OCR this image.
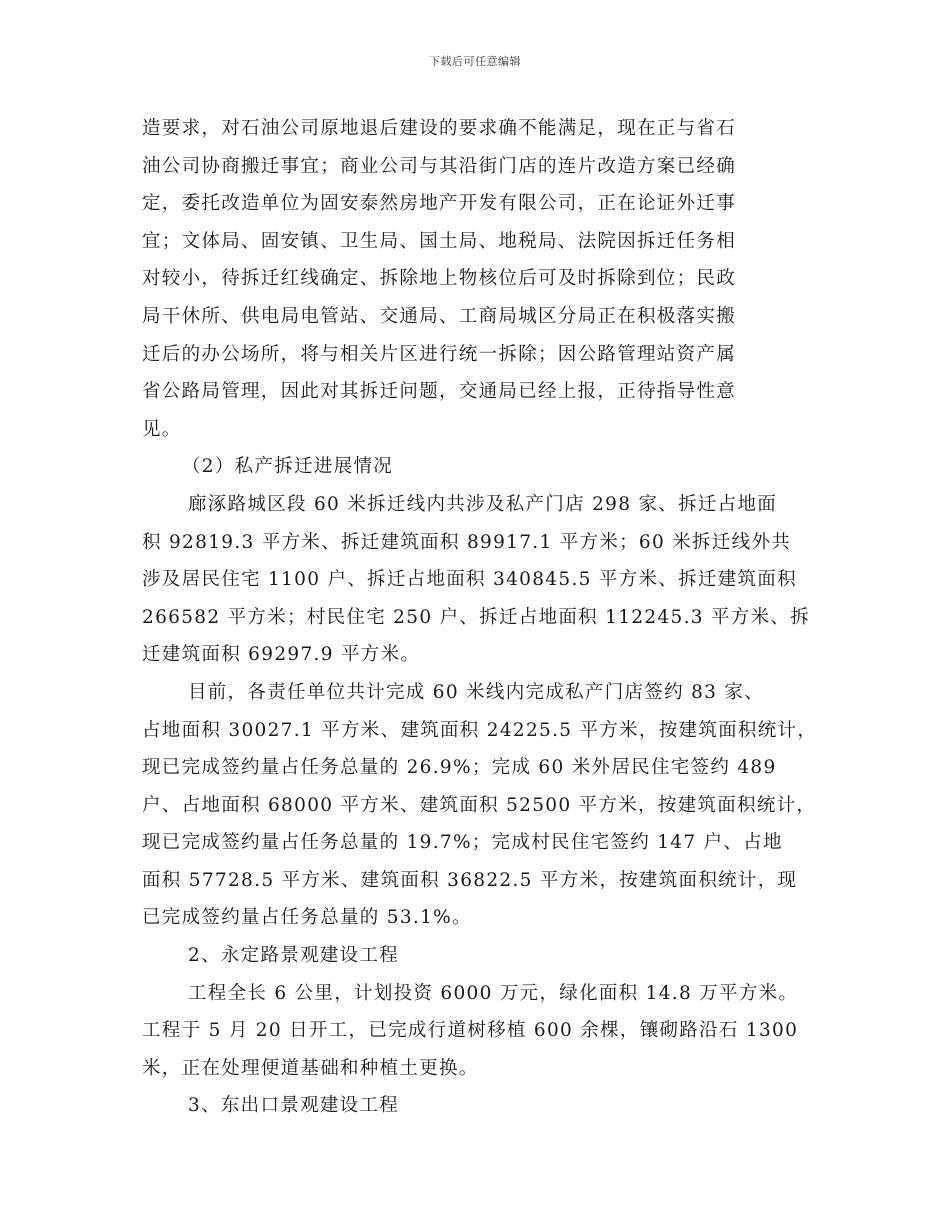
下载后可任意编辑
造要求，对石油公司原地退后建设的要求确不能满足，现在正与省石
油公司协商搬迁事宜；商业公司与其沿街门店的连片改造方案已经确
定，委托改造单位为固安泰然房地产开发有限公司，正在论证外迁事
宜；文体局、固安镇、卫生局、国土局、地税局、法院因拆迁任务相
对较小，待拆迁红线确定、拆除地上物核位后可及时拆除到位；民政
局干休所、供电局电管站、交通局、工商局城区分局正在积极落实搬
迁后的办公场所，将与相关片区进行统一拆除；因公路管理站资产属
省公路局管理，因此对其拆迁问题，交通局已经上报，正待指导性意
见。
（2）私产拆迁进展情况
廊涿路城区段 60 米拆迁线内共涉及私产门店 298 家、拆迁占地面
积 92819.3 平方米、拆迁建筑面积 89917.1 平方米；60 米拆迁线外共
涉及居民住宅 1100 户、拆迁占地面积 340845.5 平方米、拆迁建筑面积
266582 平方米；村民住宅 250 户、拆迁占地面积 112245.3 平方米、拆
迁建筑面积 69297.9 平方米。
目前，各责任单位共计完成 60 米线内完成私产门店签约 83 家、
占地面积 30027.1 平方米、建筑面积 24225.5 平方米，按建筑面积统计，
现已完成签约量占任务总量的 26.9%；完成 60 米外居民住宅签约 489
户、占地面积 68000 平方米、建筑面积 52500 平方米，按建筑面积统计，
现已完成签约量占任务总量的 19.7%；完成村民住宅签约 147 户、占地
面积 57728.5 平方米、建筑面积 36822.5 平方米，按建筑面积统计，现
已完成签约量占任务总量的 53.1%。
2、永定路景观建设工程
工程全长 6 公里，计划投资 6000 万元，绿化面积 14.8 万平方米。
工程于 5 月 20 日开工，已完成行道树移植 600 余棵，镶砌路沿石 1300
米，正在处理便道基础和种植土更换。
3、东出口景观建设工程
